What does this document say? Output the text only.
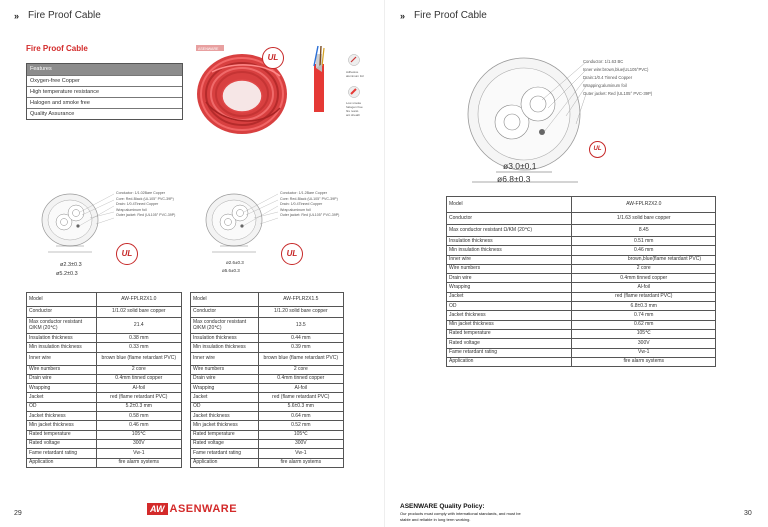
» Fire Proof Cable	» Fire Proof Cable
Fire Proof Cable
Features
Oxygen-free Copper
High temperature resistance
Halogen and smoke free
Quality Assurance
ASENWARE
UL
Adhesive
aluminum foil
Low smoke
halogen free
fire resist.
ant sheath
Conductor: 1/1.02Bare Copper
Core: Red-Black (UL105° PVC-39P)
Drain: 1/0.4Tinned Copper
Wrap:aluminum foil
Outer jacket: Red (UL105° PVC-39P)
ø2.3±0.3
ø5.2±0.3
UL
Conductor: 1/1.2Bare Copper
Core: Red-Black (UL105° PVC-39P)
Drain: 1/0.4Tinned Copper
Wrap:aluminum foil
Outer jacket: Red (UL105° PVC-39P)
ø2.6±0.3
ø5.6±0.3
UL
Conductor: 1/1.63 BC
Inner wire:brown,blue(UL105°PVC)
Drain:1/0.4 Tinned Copper
Wrapping:aluminum foil
Outer jacket: Red (UL105° PVC-39P)
ø3.0±0.1
ø6.8±0.3
UL
Model	AW-FPLR2X1.0
Conductor	1/1.02 solid bare copper
Max conductor resistant Ω/KM (20℃)	21.4
Insulation thickness	0.38 mm
Min insulation thickness	0.33 mm
Inner wire	brown blue (flame retardant PVC)
Wire numbers	2 core
Drain wire	0.4mm tinned copper
Wrapping	Al-foil
Jacket	red (flame retardant PVC)
OD	5.2±0.3 mm
Jacket thickness	0.58 mm
Min jacket thickness	0.46 mm
Rated temperature	105℃
Rated voltage	300V
Fame retardant rating	Vw-1
Application	fire alarm systems
Model	AW-FPLR2X1.5
Conductor	1/1.20 solid bare copper
Max conductor resistant Ω/KM (20℃)	13.5
Insulation thickness	0.44 mm
Min insulation thickness	0.39 mm
Inner wire	brown blue (flame retardant PVC)
Wire numbers	2 core
Drain wire	0.4mm tinned copper
Wrapping	Al-foil
Jacket	red (flame retardant PVC)
OD	5.6±0.3 mm
Jacket thickness	0.64 mm
Min jacket thickness	0.52 mm
Rated temperature	105℃
Rated voltage	300V
Fame retardant rating	Vw-1
Application	fire alarm systems
Model	AW-FPLR2X2.0
Conductor	1/1.63 solid bare copper
Max conductor resistant Ω/KM (20℃)	8.45
Insulation thickness	0.51 mm
Min insulation thickness	0.46 mm
Inner wire	brown,blue(flame retardant PVC)
Wire numbers	2 core
Drain wire	0.4mm tinned copper
Wrapping	Al-foil
Jacket	red (flame retardant PVC)
OD	6.8±0.3 mm
Jacket thickness	0.74 mm
Min jacket thickness	0.62 mm
Rated temperature	105℃
Rated voltage	300V
Fame retardant rating	Vw-1
Application	fire alarm systems
29	30
AW ASENWARE	ASENWARE Quality Policy:
Our products must comply with international standards, and must be
stable and reliable in long term working.
